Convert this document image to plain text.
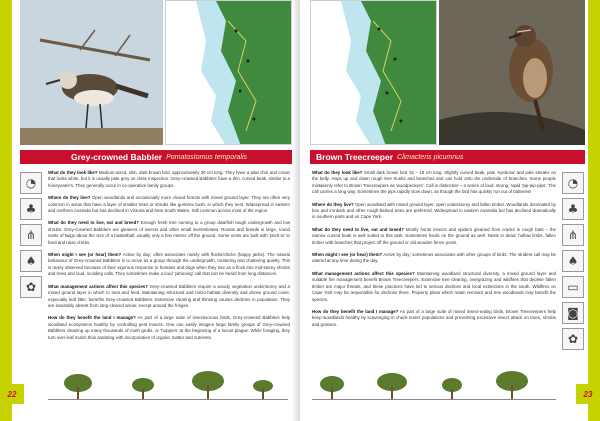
Grey-crowned Babbler Pomatostomus temporalis
◔
♣
⋔
♠
✿

What do they look like? Medium-sized, slim, dark brown bird, approximately 30 cm long. They have a pale chin and crown that looks white, but it is usually pale grey on close inspection. Grey-crowned Babblers have a thin, curved beak, similar to a honeyeater's. They generally occur in co-operative family groups.

Where do they live? Open woodlands and occasionally more closed forests with mixed ground layer. They are often very common in areas that have a layer of smaller trees or shrubs like gumtree bush, in which they nest. Widespread in eastern and northern Australia but has declined in Victoria and New South Wales. Still common across most of the region.

What do they need to live, eat and breed? Enough fresh tree nursing to a group dwarfish tough undergrowth and low shrubs. Grey-crowned Babblers are gleaners of insects and other small invertebrates. Roosts and breeds in large, round nests of twigs about the size of a basketball, usually only a few metres off the ground. Some nests are built with 'pitch-in' to feed and raise chicks.

When might I see (or hear) them? Active by day; often associates noisily with flocks/chicks (happy jacks). The natural behaviour of Grey-crowned Babblers is to move as a group through the undergrowth, muttering and chattering quietly. This is rarely observed because of their vigorous response to humans and dogs when they rise as a flock into mid-storey shrubs and trees and loud, scolding calls. They sometimes make a loud 'yahooing' call that can be heard from long distances.

What management actions affect this species? Grey-crowned Babblers require a woody vegetation understorey and a mixed ground layer in which to nest and feed. Maintaining structural and micro-habitat diversity and dense ground cover, especially leaf litter, benefits Grey-crowned Babblers. Extensive clearing and thinning causes declines in population. They are invariably absent from long-cleared areas, except around the fringes.

How do they benefit the land I manage? As part of a large suite of insectivorous birds, Grey-crowned Babblers help woodland ecosystems healthy by controlling pest insects. One can easily imagine large family groups of Grey-crowned Babblers cleaning up many thousands of moth grubs, or 'hoppers' at the beginning of a locust plague. While foraging, they turn over leaf mulch thus assisting with incorporation of organic matter and nutrients.

22
Brown Treecreeper Climacteris picumnus

What do they look like? Small dark brown bird 15 – 18 cm long. Slightly curved beak, pale 'eyebrow' and pale streaks on the belly. Hops up and down rough tree trunks and branches and can hold onto the underside of branches. Some people mistakenly refer to Brown Treecreepers as 'woodpeckers'. Call is distinctive – a series of loud, strong, rapid 'pip-pip-pips'. The call carries a long way. Sometimes the pips rapidly slow down, as though the bird has quickly run out of batteries!

Where do they live? Open woodland with mixed ground layer, open understorey and fallen timber. Woodlands dominated by box and ironbark and other rough-barked trees are preferred. Widespread in eastern Australia but has declined dramatically in southern parts and on Cape York.

What do they need to live, eat and breed? Mostly hunts insects and spiders gleaned from cracks in rough bark – the narrow curved beak is well suited to this task. Sometimes feeds on the ground as well. Nests in dead, hollow limbs, fallen timber with branches that project off the ground or old wooden fence posts.

When might I see (or hear) them? Active by day; sometimes associates with other groups of birds. The strident call may be uttered at any time during the day.

What management actions affect this species? Maintaining woodland structural diversity, a mixed ground layer and suitable fire management benefit Brown Treecreepers. Extensive tree clearing, overgrazing and wildfires that deplete fallen timber are major threats, and these practices have led to serious declines and local extinctions in the south. Wildfires on Cape York may be responsible for declines there. Property plans which retain remnant and tree woodlands may benefit the species.

How do they benefit the land I manage? As part of a large suite of mixed insect-eating birds, Brown Treecreepers help keep woodlands healthy by scavenging in check insect populations and preventing excessive insect attack on trees, shrubs and grasses.

◔
♣
⋔
♠
▭
◙
✿
23
